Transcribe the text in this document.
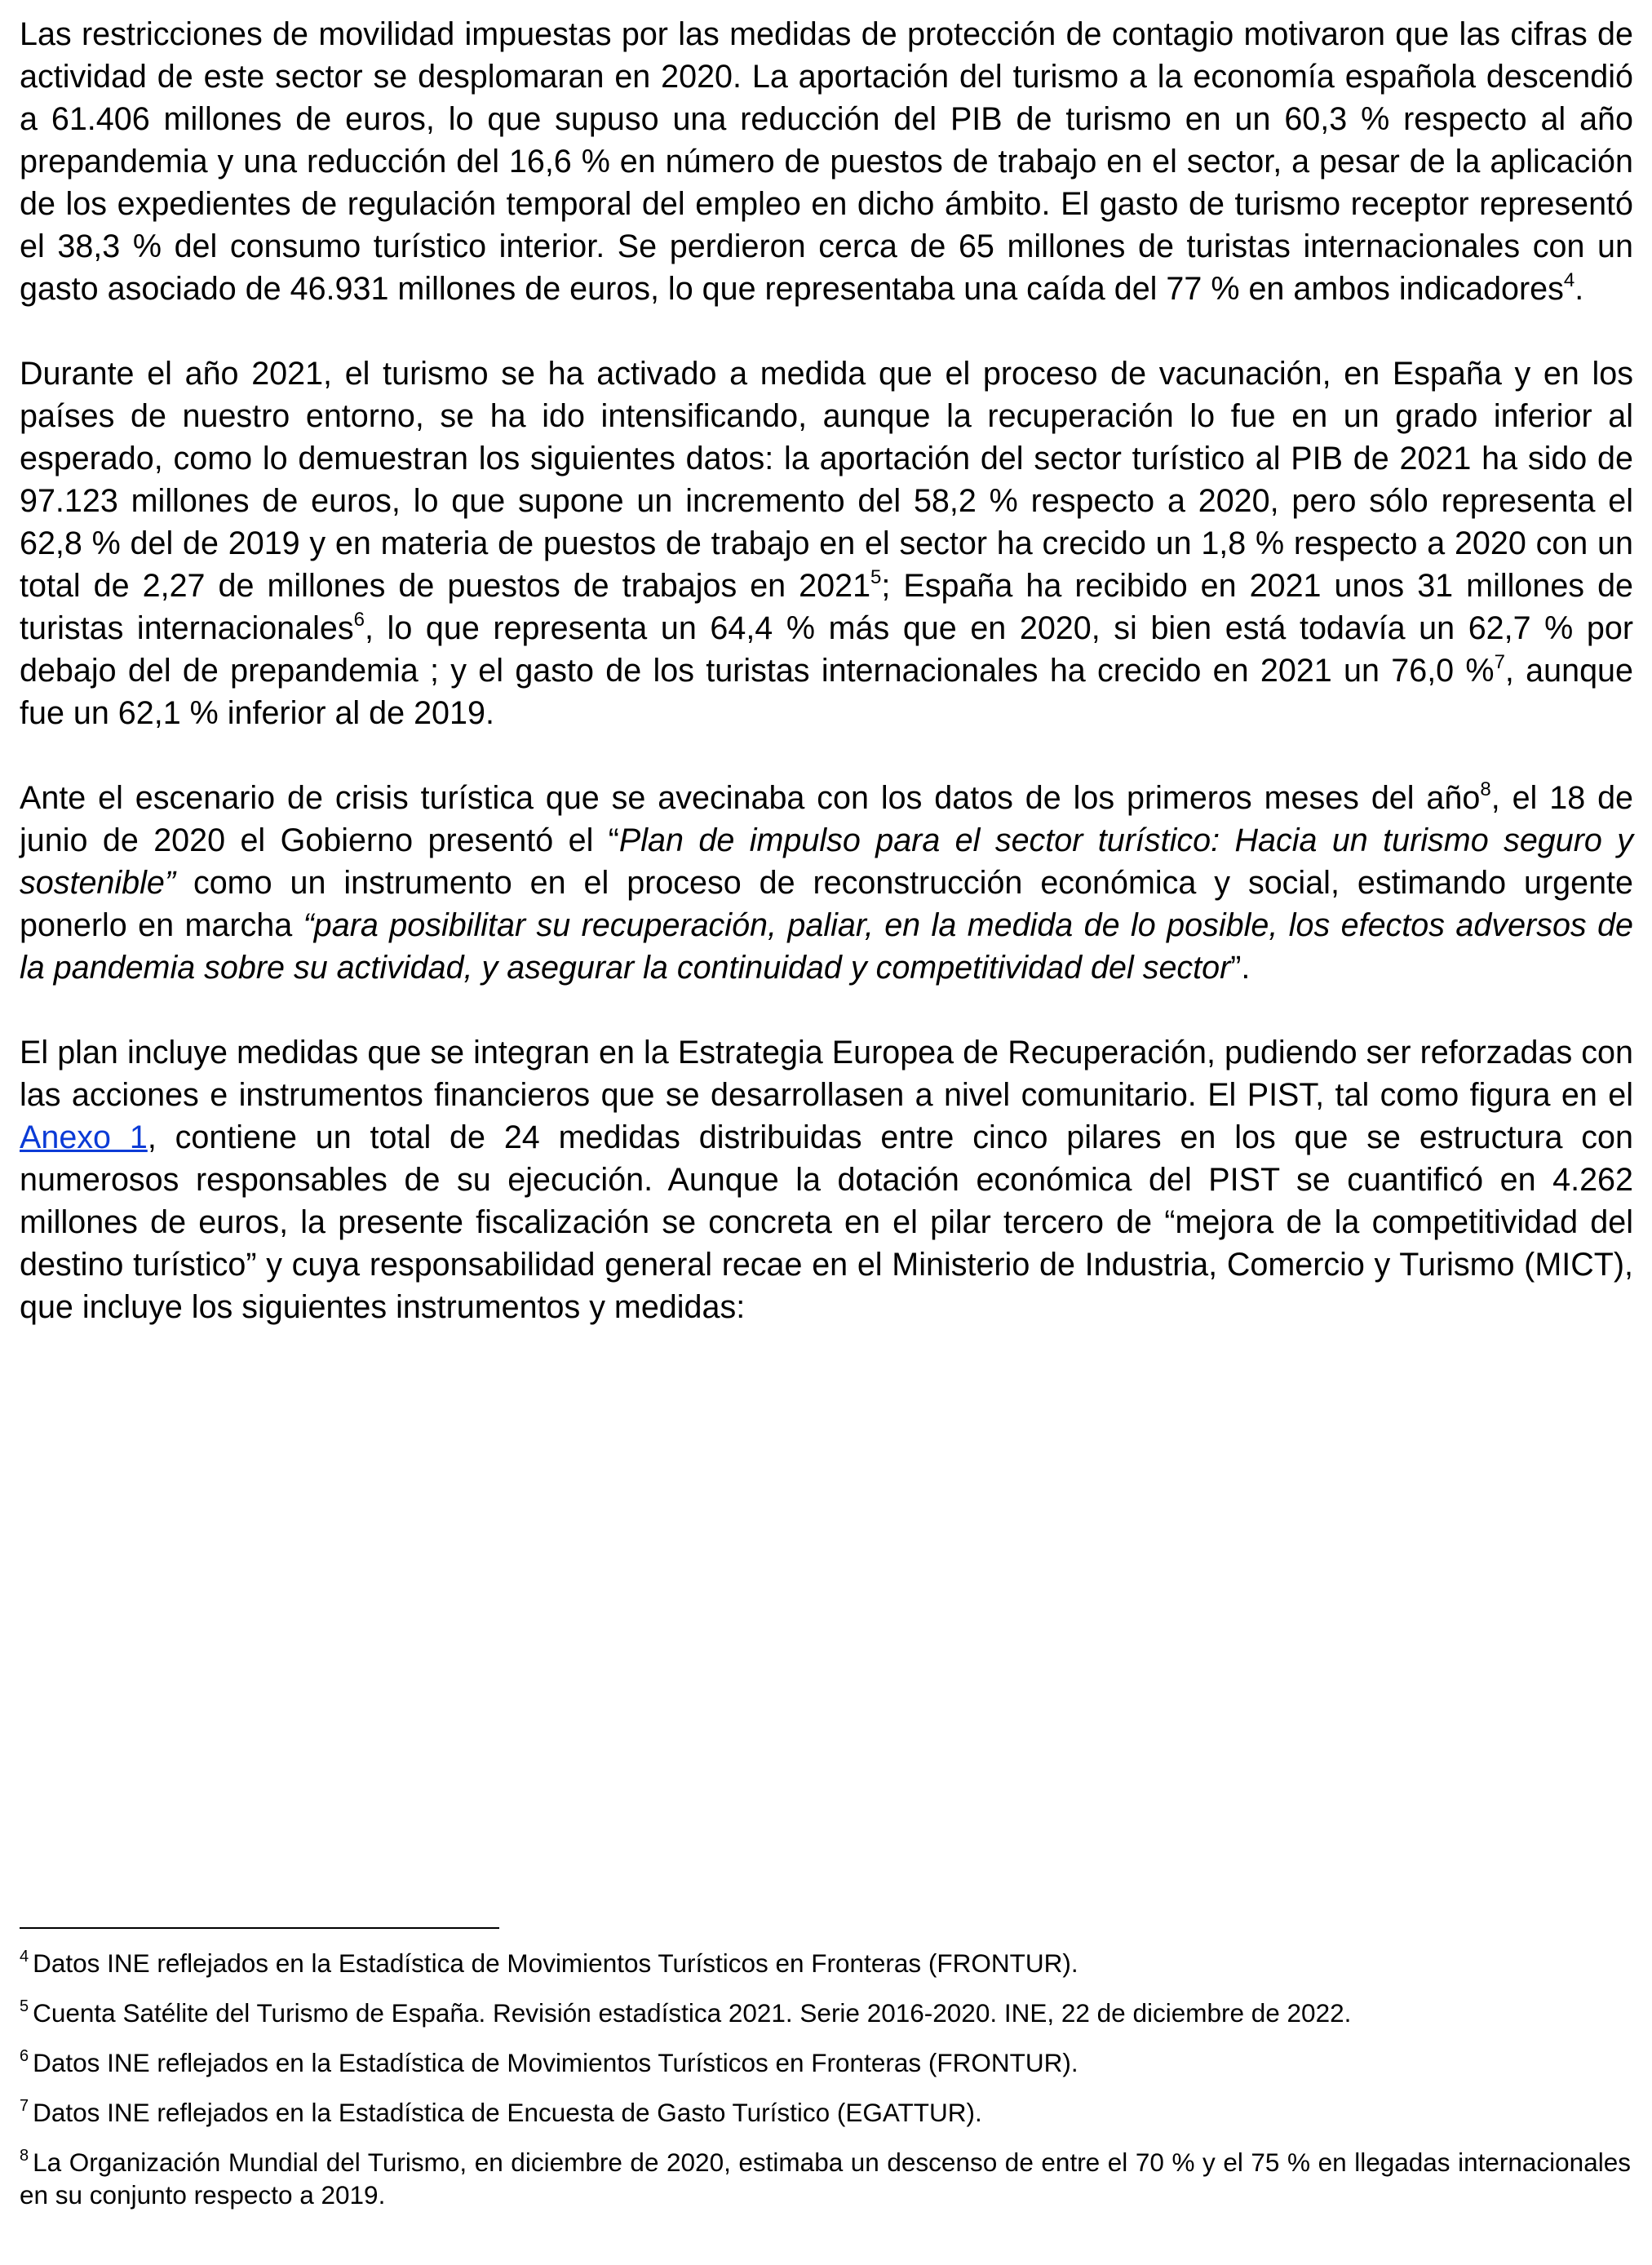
Las restricciones de movilidad impuestas por las medidas de protección de contagio motivaron que las cifras de actividad de este sector se desplomaran en 2020. La aportación del turismo a la economía española descendió a 61.406 millones de euros, lo que supuso una reducción del PIB de turismo en un 60,3 % respecto al año prepandemia y una reducción del 16,6 % en número de puestos de trabajo en el sector, a pesar de la aplicación de los expedientes de regulación temporal del empleo en dicho ámbito. El gasto de turismo receptor representó el 38,3 % del consumo turístico interior. Se perdieron cerca de 65 millones de turistas internacionales con un gasto asociado de 46.931 millones de euros, lo que representaba una caída del 77 % en ambos indicadores$^4$.

Durante el año 2021, el turismo se ha activado a medida que el proceso de vacunación, en España y en los países de nuestro entorno, se ha ido intensificando, aunque la recuperación lo fue en un grado inferior al esperado, como lo demuestran los siguientes datos: la aportación del sector turístico al PIB de 2021 ha sido de 97.123 millones de euros, lo que supone un incremento del 58,2 % respecto a 2020, pero sólo representa el 62,8 % del de 2019 y en materia de puestos de trabajo en el sector ha crecido un 1,8 % respecto a 2020 con un total de 2,27 de millones de puestos de trabajos en 2021$^5$; España ha recibido en 2021 unos 31 millones de turistas internacionales$^6$, lo que representa un 64,4 % más que en 2020, si bien está todavía un 62,7 % por debajo del de prepandemia ; y el gasto de los turistas internacionales ha crecido en 2021 un 76,0 %$^7$, aunque fue un 62,1 % inferior al de 2019.

Ante el escenario de crisis turística que se avecinaba con los datos de los primeros meses del año$^8$, el 18 de junio de 2020 el Gobierno presentó el “Plan de impulso para el sector turístico: Hacia un turismo seguro y sostenible” como un instrumento en el proceso de reconstrucción económica y social, estimando urgente ponerlo en marcha “para posibilitar su recuperación, paliar, en la medida de lo posible, los efectos adversos de la pandemia sobre su actividad, y asegurar la continuidad y competitividad del sector”.

El plan incluye medidas que se integran en la Estrategia Europea de Recuperación, pudiendo ser reforzadas con las acciones e instrumentos financieros que se desarrollasen a nivel comunitario. El PIST, tal como figura en el Anexo 1, contiene un total de 24 medidas distribuidas entre cinco pilares en los que se estructura con numerosos responsables de su ejecución. Aunque la dotación económica del PIST se cuantificó en 4.262 millones de euros, la presente fiscalización se concreta en el pilar tercero de “mejora de la competitividad del destino turístico” y cuya responsabilidad general recae en el Ministerio de Industria, Comercio y Turismo (MICT), que incluye los siguientes instrumentos y medidas:

$^4$ Datos INE reflejados en la Estadística de Movimientos Turísticos en Fronteras (FRONTUR).

$^5$ Cuenta Satélite del Turismo de España. Revisión estadística 2021. Serie 2016-2020. INE, 22 de diciembre de 2022.

$^6$ Datos INE reflejados en la Estadística de Movimientos Turísticos en Fronteras (FRONTUR).

$^7$ Datos INE reflejados en la Estadística de Encuesta de Gasto Turístico (EGATTUR).

$^8$ La Organización Mundial del Turismo, en diciembre de 2020, estimaba un descenso de entre el 70 % y el 75 % en llegadas internacionales en su conjunto respecto a 2019.
